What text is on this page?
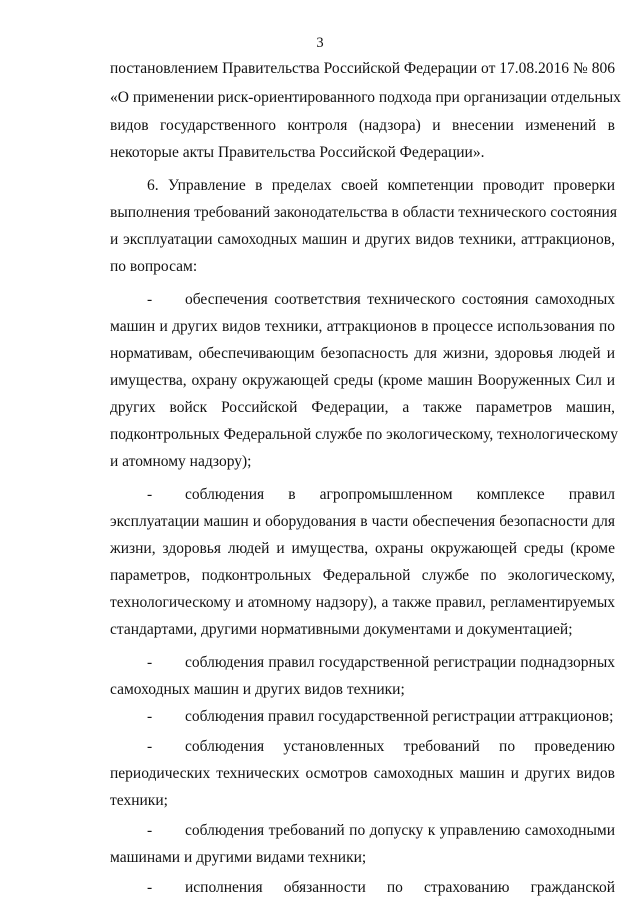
3
постановлением Правительства Российской Федерации от 17.08.2016 № 806
«О применении риск-ориентированного подхода при организации отдельных
видов государственного контроля (надзора) и внесении изменений в
некоторые акты Правительства Российской Федерации».
6. Управление в пределах своей компетенции проводит проверки
выполнения требований законодательства в области технического состояния
и эксплуатации самоходных машин и других видов техники, аттракционов,
по вопросам:
-	обеспечения соответствия технического состояния самоходных
машин и других видов техники, аттракционов в процессе использования по
нормативам, обеспечивающим безопасность для жизни, здоровья людей и
имущества, охрану окружающей среды (кроме машин Вооруженных Сил и
других войск Российской Федерации, а также параметров машин,
подконтрольных Федеральной службе по экологическому, технологическому
и атомному надзору);
-	соблюдения в агропромышленном комплексе правил
эксплуатации машин и оборудования в части обеспечения безопасности для
жизни, здоровья людей и имущества, охраны окружающей среды (кроме
параметров, подконтрольных Федеральной службе по экологическому,
технологическому и атомному надзору), а также правил, регламентируемых
стандартами, другими нормативными документами и документацией;
-	соблюдения правил государственной регистрации поднадзорных
самоходных машин и других видов техники;
-	соблюдения правил государственной регистрации аттракционов;
-	соблюдения установленных требований по проведению
периодических технических осмотров самоходных машин и других видов
техники;
-	соблюдения требований по допуску к управлению самоходными
машинами и другими видами техники;
-	исполнения обязанности по страхованию гражданской
